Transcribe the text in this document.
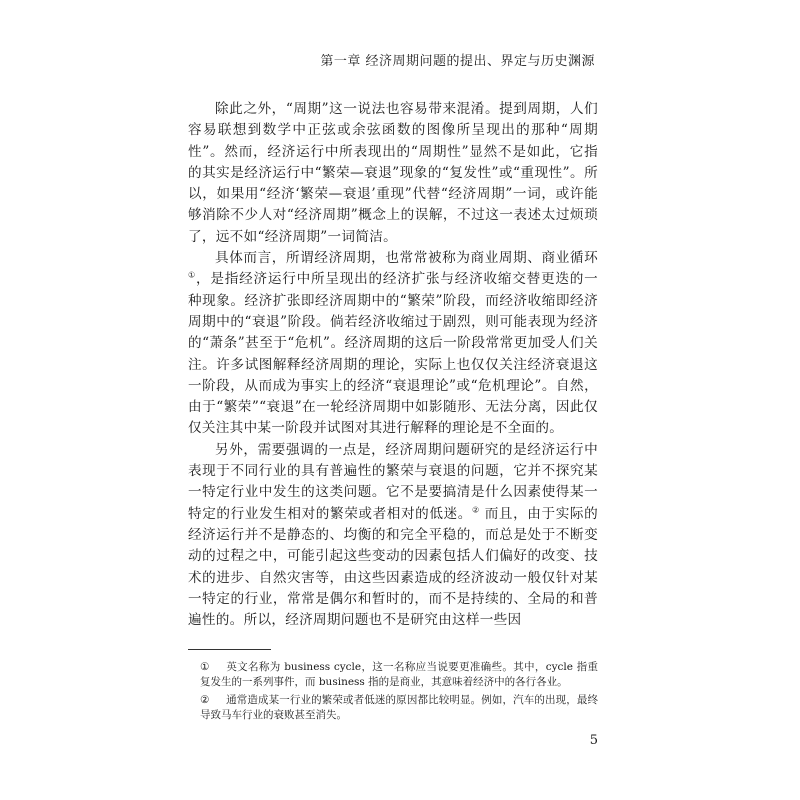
第一章 经济周期问题的提出、界定与历史渊源

除此之外，“周期”这一说法也容易带来混淆。提到周期，人们容易联想到数学中正弦或余弦函数的图像所呈现出的那种“周期性”。然而，经济运行中所表现出的“周期性”显然不是如此，它指的其实是经济运行中“繁荣—衰退”现象的“复发性”或“重现性”。所以，如果用“经济‘繁荣—衰退’重现”代替“经济周期”一词，或许能够消除不少人对“经济周期”概念上的误解，不过这一表述太过烦琐了，远不如“经济周期”一词简洁。

具体而言，所谓经济周期，也常常被称为商业周期、商业循环①，是指经济运行中所呈现出的经济扩张与经济收缩交替更迭的一种现象。经济扩张即经济周期中的“繁荣”阶段，而经济收缩即经济周期中的“衰退”阶段。倘若经济收缩过于剧烈，则可能表现为经济的“萧条”甚至于“危机”。经济周期的这后一阶段常常更加受人们关注。许多试图解释经济周期的理论，实际上也仅仅关注经济衰退这一阶段，从而成为事实上的经济“衰退理论”或“危机理论”。自然，由于“繁荣”“衰退”在一轮经济周期中如影随形、无法分离，因此仅仅关注其中某一阶段并试图对其进行解释的理论是不全面的。

另外，需要强调的一点是，经济周期问题研究的是经济运行中表现于不同行业的具有普遍性的繁荣与衰退的问题，它并不探究某一特定行业中发生的这类问题。它不是要搞清是什么因素使得某一特定的行业发生相对的繁荣或者相对的低迷。② 而且，由于实际的经济运行并不是静态的、均衡的和完全平稳的，而总是处于不断变动的过程之中，可能引起这些变动的因素包括人们偏好的改变、技术的进步、自然灾害等，由这些因素造成的经济波动一般仅针对某一特定的行业，常常是偶尔和暂时的，而不是持续的、全局的和普遍性的。所以，经济周期问题也不是研究由这样一些因

① 英文名称为 business cycle，这一名称应当说要更准确些。其中，cycle 指重复发生的一系列事件，而 business 指的是商业，其意味着经济中的各行各业。

② 通常造成某一行业的繁荣或者低迷的原因都比较明显。例如，汽车的出现，最终导致马车行业的衰败甚至消失。

5
